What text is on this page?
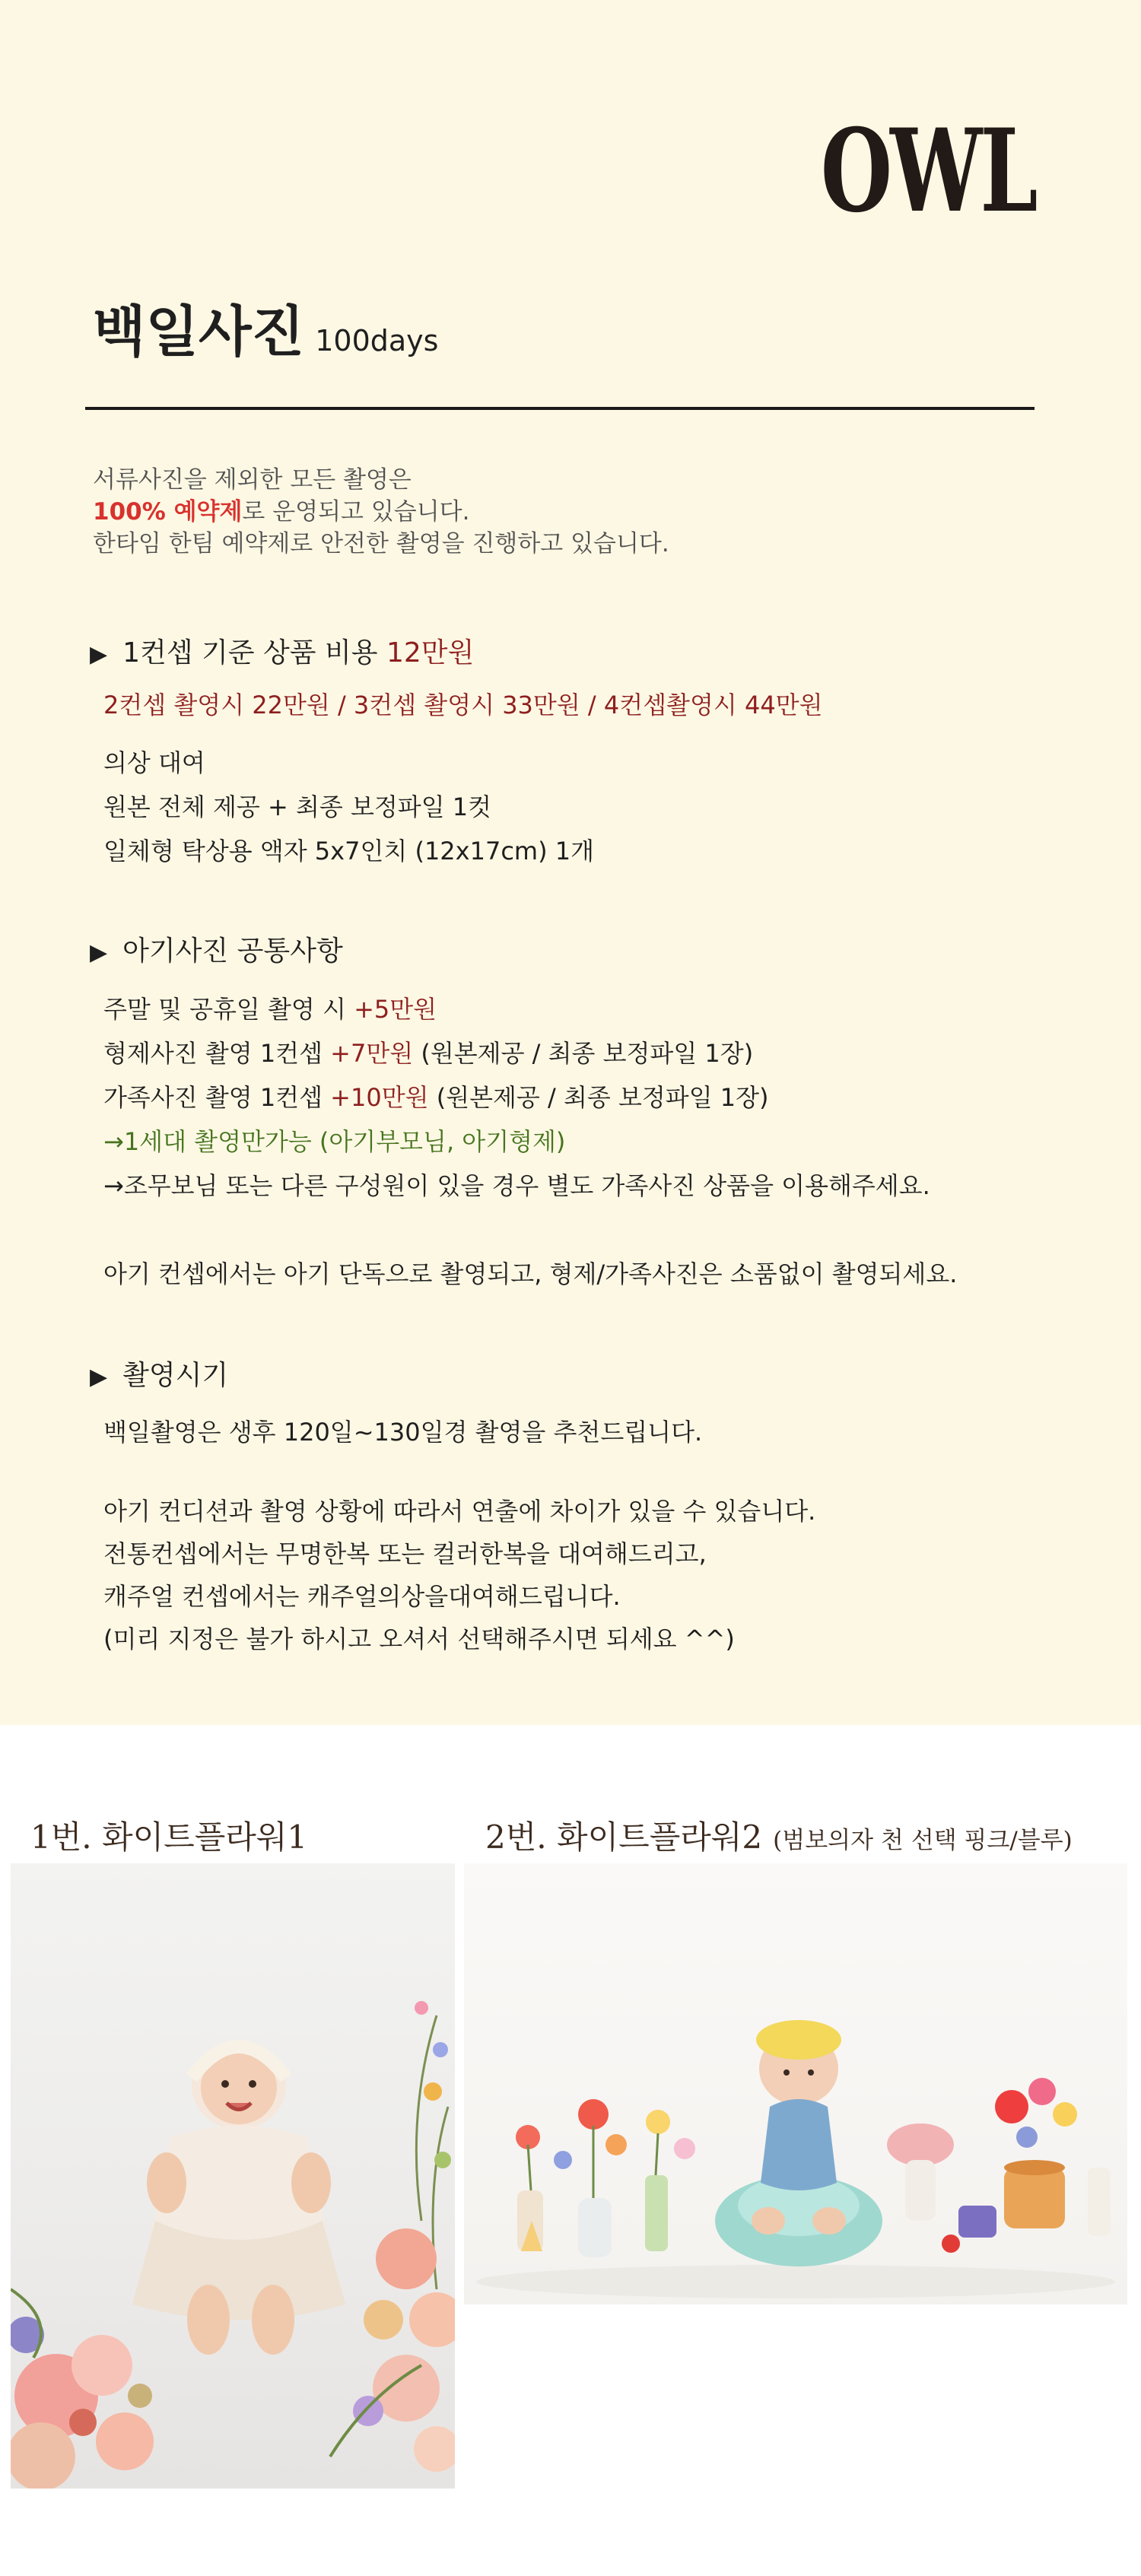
OWL
백일사진 100days
서류사진을 제외한 모든 촬영은
100% 예약제로 운영되고 있습니다.
한타임 한팀 예약제로 안전한 촬영을 진행하고 있습니다.
▶ 1컨셉 기준 상품 비용 12만원
2컨셉 촬영시 22만원 / 3컨셉 촬영시 33만원 / 4컨셉촬영시 44만원
의상 대여
원본 전체 제공 + 최종 보정파일 1컷
일체형 탁상용 액자 5x7인치 (12x17cm) 1개
▶ 아기사진 공통사항
주말 및 공휴일 촬영 시 +5만원
형제사진 촬영 1컨셉 +7만원 (원본제공 / 최종 보정파일 1장)
가족사진 촬영 1컨셉 +10만원 (원본제공 / 최종 보정파일 1장)
→1세대 촬영만가능 (아기부모님, 아기형제)
→조무보님 또는 다른 구성원이 있을 경우 별도 가족사진 상품을 이용해주세요.
아기 컨셉에서는 아기 단독으로 촬영되고, 형제/가족사진은 소품없이 촬영되세요.
▶ 촬영시기
백일촬영은 생후 120일~130일경 촬영을 추천드립니다.
아기 컨디션과 촬영 상황에 따라서 연출에 차이가 있을 수 있습니다.
전통컨셉에서는 무명한복 또는 컬러한복을 대여해드리고,
캐주얼 컨셉에서는 캐주얼의상을대여해드립니다.
(미리 지정은 불가 하시고 오셔서 선택해주시면 되세요 ^^)
1번. 화이트플라워1	2번. 화이트플라워2 (범보의자 천 선택 핑크/블루)
